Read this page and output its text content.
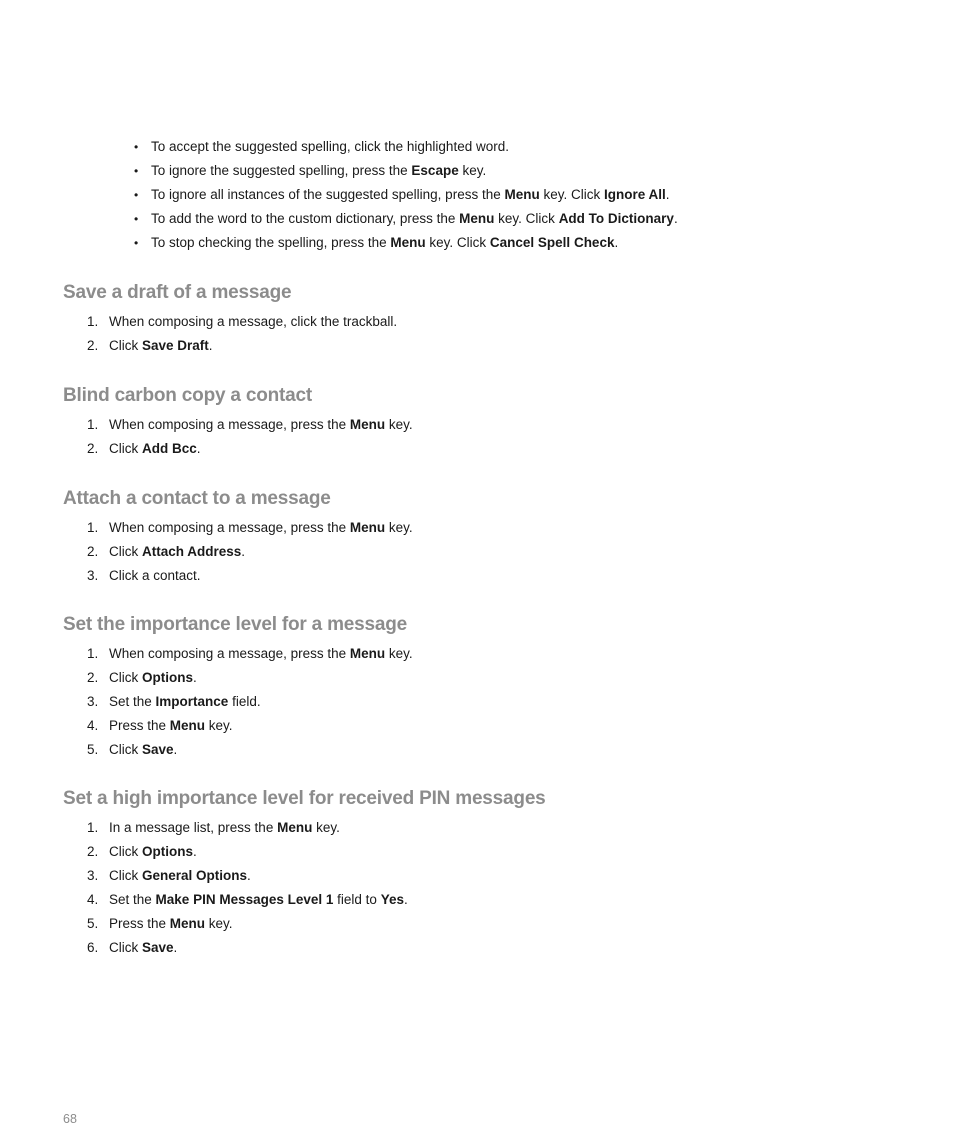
• To accept the suggested spelling, click the highlighted word.
• To ignore the suggested spelling, press the Escape key.
• To ignore all instances of the suggested spelling, press the Menu key. Click Ignore All.
• To add the word to the custom dictionary, press the Menu key. Click Add To Dictionary.
• To stop checking the spelling, press the Menu key. Click Cancel Spell Check.
Save a draft of a message
1. When composing a message, click the trackball.
2. Click Save Draft.
Blind carbon copy a contact
1. When composing a message, press the Menu key.
2. Click Add Bcc.
Attach a contact to a message
1. When composing a message, press the Menu key.
2. Click Attach Address.
3. Click a contact.
Set the importance level for a message
1. When composing a message, press the Menu key.
2. Click Options.
3. Set the Importance field.
4. Press the Menu key.
5. Click Save.
Set a high importance level for received PIN messages
1. In a message list, press the Menu key.
2. Click Options.
3. Click General Options.
4. Set the Make PIN Messages Level 1 field to Yes.
5. Press the Menu key.
6. Click Save.
68
